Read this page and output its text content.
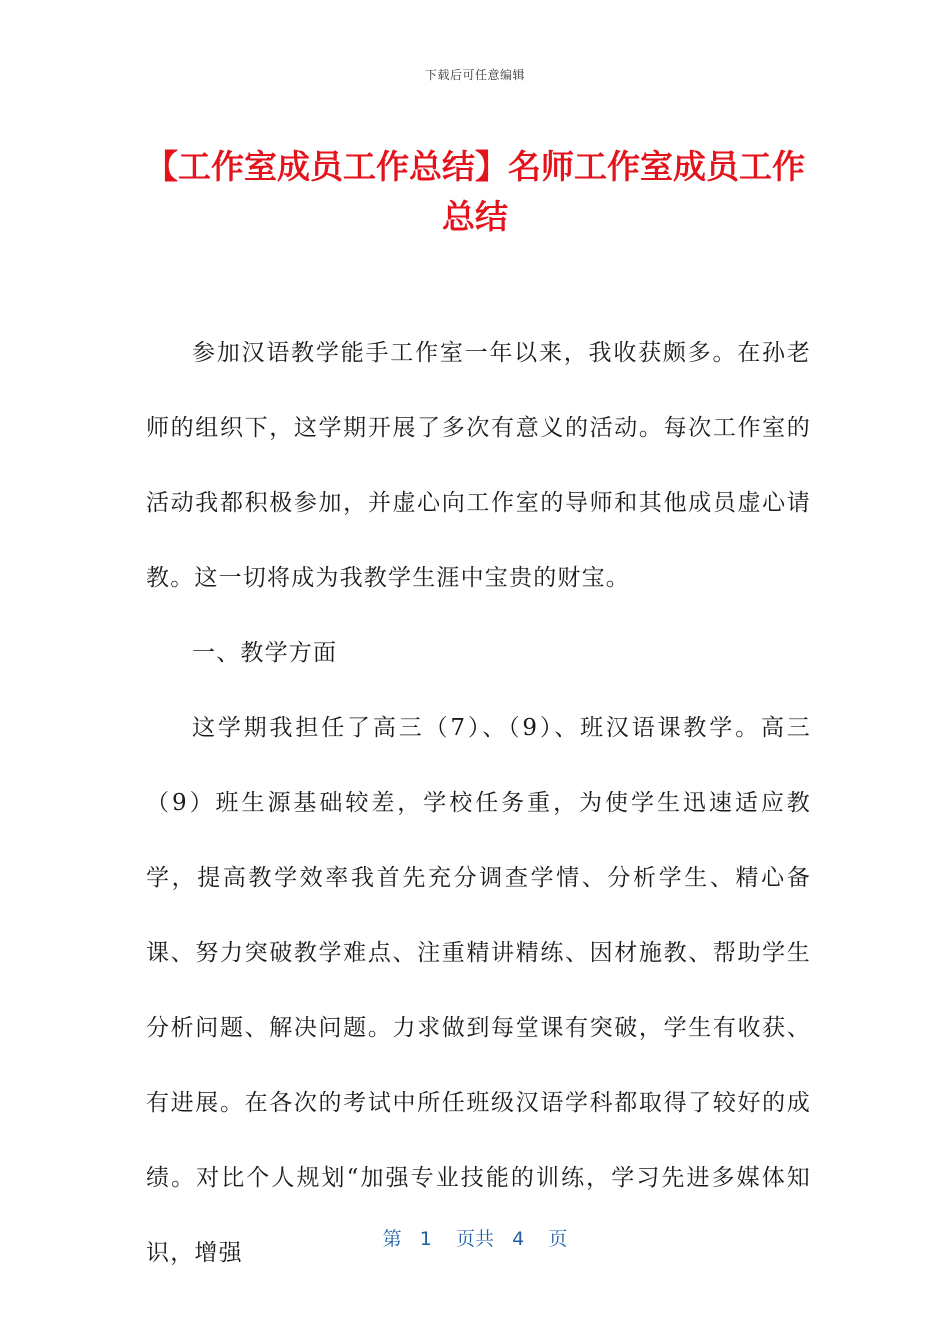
下载后可任意编辑
【工作室成员工作总结】名师工作室成员工作总结

参加汉语教学能手工作室一年以来，我收获颇多。在孙老师的组织下，这学期开展了多次有意义的活动。每次工作室的活动我都积极参加，并虚心向工作室的导师和其他成员虚心请教。这一切将成为我教学生涯中宝贵的财宝。

一、教学方面

这学期我担任了高三（7）、（9）、班汉语课教学。高三（9）班生源基础较差，学校任务重，为使学生迅速适应教学，提高教学效率我首先充分调查学情、分析学生、精心备课、努力突破教学难点、注重精讲精练、因材施教、帮助学生分析问题、解决问题。力求做到每堂课有突破，学生有收获、有进展。在各次的考试中所任班级汉语学科都取得了较好的成绩。对比个人规划“加强专业技能的训练，学习先进多媒体知识，增强

第 1 页共 4 页
